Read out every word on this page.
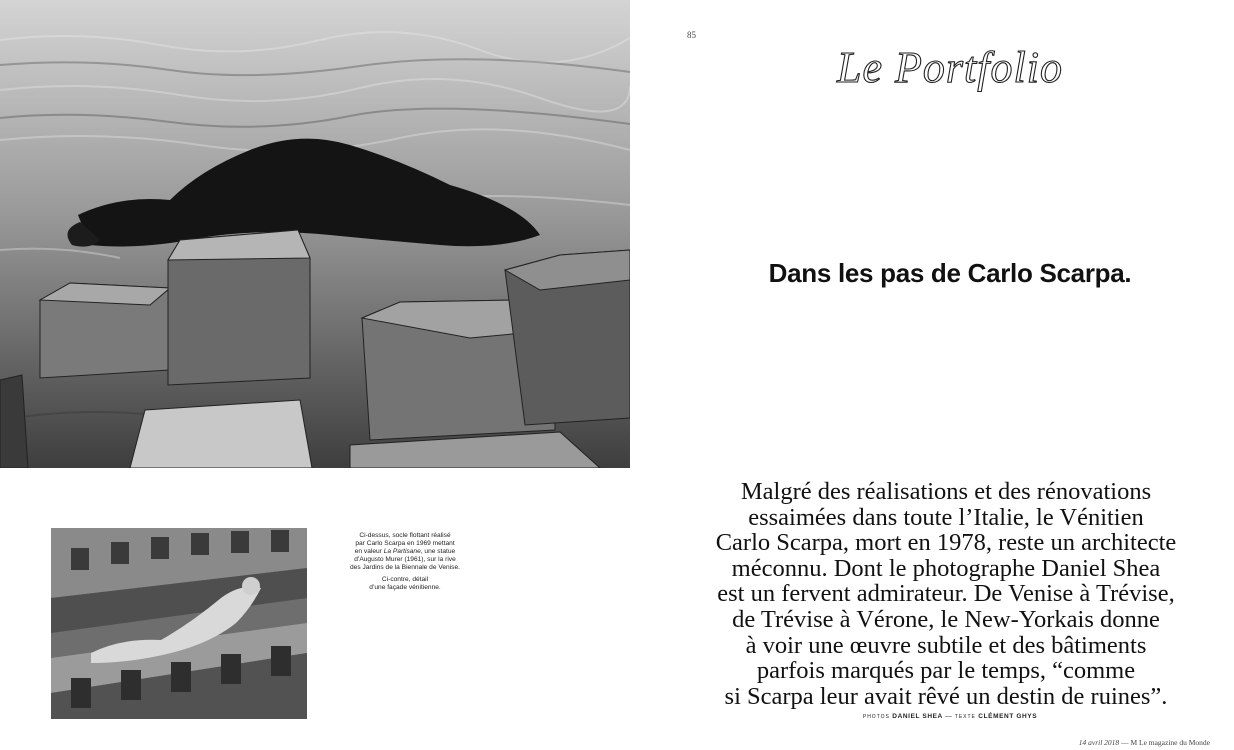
Ci-dessus, socle flottant réalisé
par Carlo Scarpa en 1969 mettant
en valeur La Partisane, une statue
d’Augusto Murer (1961), sur la rive
des Jardins de la Biennale de Venise.

Ci-contre, détail
d’une façade vénitienne.

85
Le Portfolio
Dans les pas de Carlo Scarpa.

Malgré des réalisations et des rénovations
essaimées dans toute l’Italie, le Vénitien
Carlo Scarpa, mort en 1978, reste un architecte
méconnu. Dont le photographe Daniel Shea
est un fervent admirateur. De Venise à Trévise,
de Trévise à Vérone, le New-Yorkais donne
à voir une œuvre subtile et des bâtiments
parfois marqués par le temps, “comme
si Scarpa leur avait rêvé un destin de ruines”.

PHOTOS DANIEL SHEA — TEXTE CLÉMENT GHYS
14 avril 2018 — M Le magazine du Monde
